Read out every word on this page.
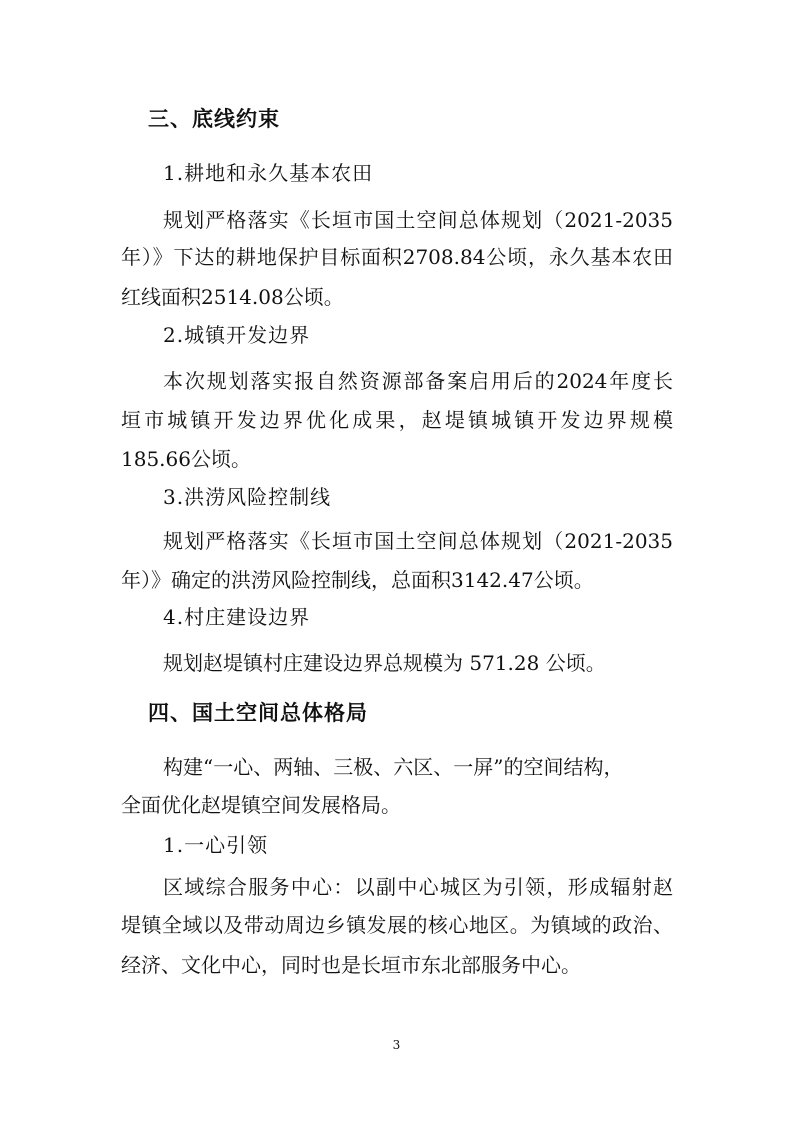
三、底线约束
1.耕地和永久基本农田
规划严格落实《长垣市国土空间总体规划（2021-2035
年）》下达的耕地保护目标面积2708.84公顷，永久基本农田
红线面积2514.08公顷。
2.城镇开发边界
本次规划落实报自然资源部备案启用后的2024年度长
垣市城镇开发边界优化成果，赵堤镇城镇开发边界规模
185.66公顷。
3.洪涝风险控制线
规划严格落实《长垣市国土空间总体规划（2021-2035
年）》确定的洪涝风险控制线，总面积3142.47公顷。
4.村庄建设边界
规划赵堤镇村庄建设边界总规模为 571.28 公顷。
四、国土空间总体格局
构建“一心、两轴、三极、六区、一屏”的空间结构，
全面优化赵堤镇空间发展格局。
1.一心引领
区域综合服务中心：以副中心城区为引领，形成辐射赵
堤镇全域以及带动周边乡镇发展的核心地区。为镇域的政治、
经济、文化中心，同时也是长垣市东北部服务中心。
3
